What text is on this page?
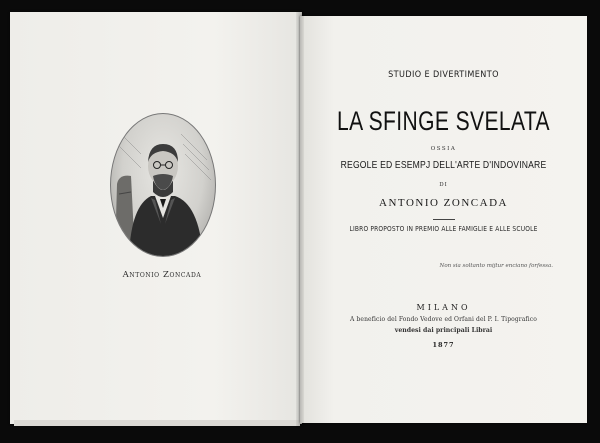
Antonio Zoncada
STUDIO E DIVERTIMENTO
LA SFINGE SVELATA
OSSIA
REGOLE ED ESEMPJ DELL'ARTE D'INDOVINARE
DI
ANTONIO ZONCADA
LIBRO PROPOSTO IN PREMIO ALLE FAMIGLIE E ALLE SCUOLE
Non sia soltanto mijtur enciano forfessa.
MILANO
A beneficio del Fondo Vedove ed Orfani del P. I. Tipografico
vendesi dai principali Librai
1877
